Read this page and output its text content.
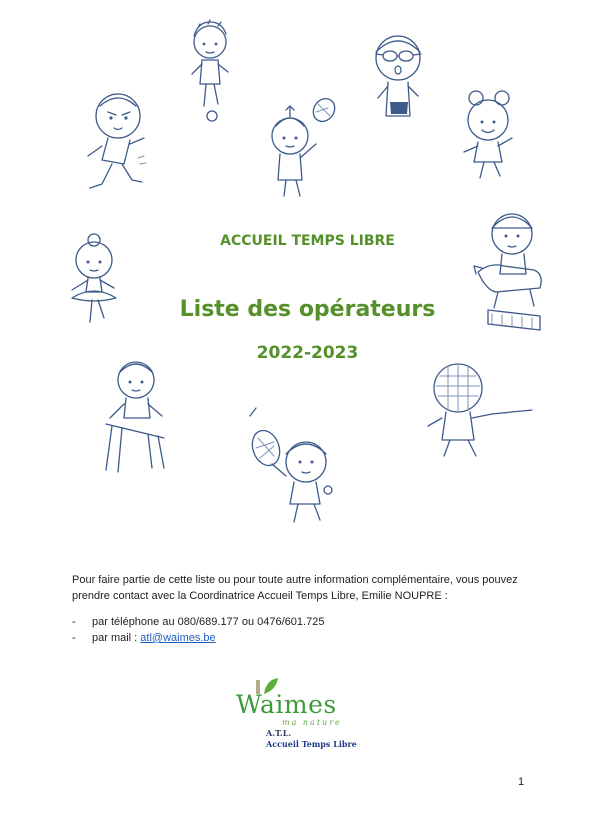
ACCUEIL TEMPS LIBRE
Liste des opérateurs
2022-2023
Pour faire partie de cette liste ou pour toute autre information complémentaire, vous pouvez
prendre contact avec la Coordinatrice Accueil Temps Libre, Emilie NOUPRE :
- par téléphone au 080/689.177 ou 0476/601.725
- par mail : atl@waimes.be
Waimes
ma nature
A.T.L.
Accueil Temps Libre
1
